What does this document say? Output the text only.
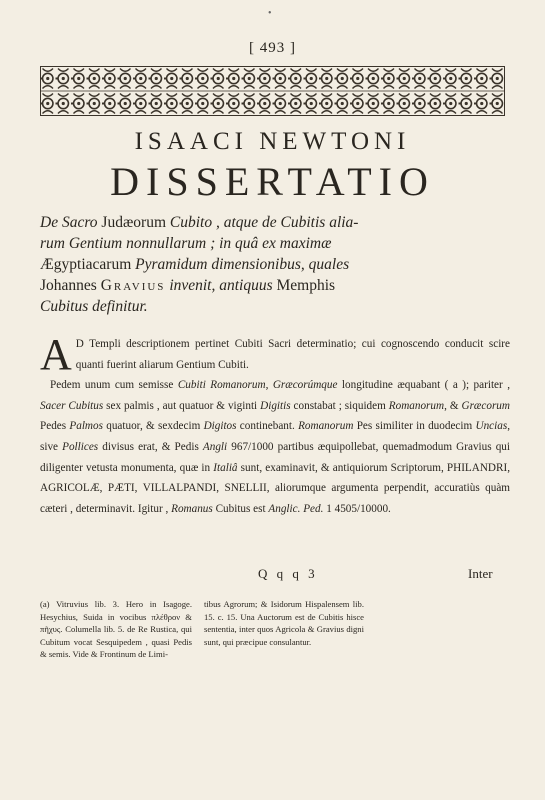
•
[ 493 ]
ISAACI NEWTONI
DISSERTATIO
De Sacro Judæorum Cubito , atque de Cubitis alia-
rum Gentium nonnullarum ; in quâ ex maximæ
Ægyptiacarum Pyramidum dimensionibus, quales
Johannes Gravius invenit, antiquus Memphis
Cubitus definitur.

A D Templi descriptionem pertinet Cubiti Sacri determinatio; cui cognoscendo conducit scire quanti fuerint aliarum Gentium Cubiti.

Pedem unum cum semisse Cubiti Romanorum, Græcorúmque longitudine æquabant ( a ); pariter , Sacer Cubitus sex palmis , aut quatuor & viginti Digitis constabat ; siquidem Romanorum, & Græcorum Pedes Palmos quatuor, & sexdecim Digitos continebant. Romanorum Pes similiter in duodecim Uncias, sive Pollices divisus erat, & Pedis Angli 967/1000 partibus æquipollebat, quemadmodum Gravius qui diligenter vetusta monumenta, quæ in Italiâ sunt, examinavit, & antiquiorum Scriptorum, PHILANDRI, AGRICOLÆ, PÆTI, VILLALPANDI, SNELLII, aliorumque argumenta perpendit, accuratiùs quàm cæteri , determinavit. Igitur , Romanus Cubitus est Anglic. Ped. 1 4505/10000.

Q q q 3	Inter
(a) Vitruvius lib. 3. Hero in Isagoge. Hesychius, Suida in vocibus πλέθρον & πῆχυς. Columella lib. 5. de Re Rustica, qui Cubitum vocat Sesquipedem , quasi Pedis & semis. Vide & Frontinum de Limi-
tibus Agrorum; & Isidorum Hispalensem lib. 15. c. 15. Una Auctorum est de Cubitis hisce sententia, inter quos Agricola & Gravius digni sunt, qui præcipue consulantur.
